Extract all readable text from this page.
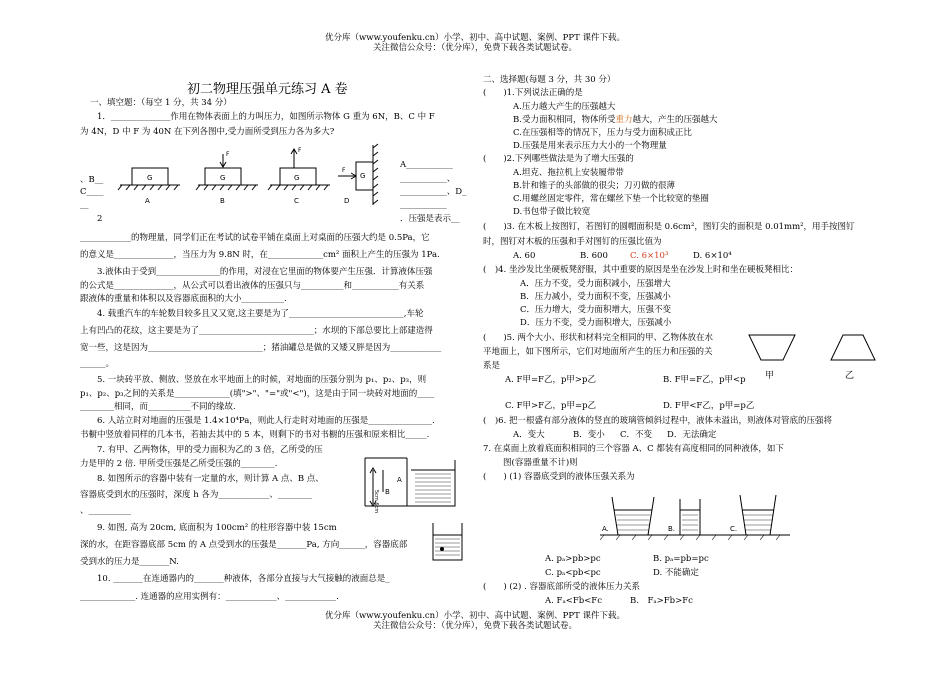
优分库（www.youfenku.cn）小学、初中、高中试题、案例、PPT 课件下载。
关注微信公众号：（优分库），免费下载各类试题试卷。
初二物理压强单元练习 A 卷
一、填空题：（每空 1 分，共 34 分）
1．______________作用在物体表面上的力叫压力，如图所示物体 G 重为 6N，B、C 中 F
为 4N，D 中 F 为 40N 在下列各图中,受力面所受到压力各为多大?
G	G	G	G
F
F
F
A	B	C	D
A___________
___________、
___________、D_
___________
、B__
C____
__
2	．压强是表示__
____________的物理量，同学们正在考试的试卷平铺在桌面上对桌面的压强大约是 0.5Pa，它
的意义是______________，当压力为 9.8N 时，在_____________cm² 面积上产生的压强为 1Pa.
3.液体由于受到_______________的作用，对浸在它里面的物体要产生压强．计算液体压强
的公式是______________，从公式可以看出液体的压强只与__________和___________有关系
跟液体的重量和体积以及容器底面积的大小__________.
4. 载重汽车的车轮数目较多且又又宽,这主要是为了___________________________,车轮
上有凹凸的花纹，这主要是为了___________________________；水坝的下部总要比上部建造得
宽一些，这是因为___________________________；猪油罐总是做的又矮又胖是因为____________
______。
5. 一块砖平放、侧放、竖放在水平地面上的时候，对地面的压强分别为 p₁、p₂、p₃，则
p₁、p₂、p₃之间的关系是_____________(填">"、"="或"<")，这是由于同一块砖对地面的____
________相同，而__________不同的缘故.
6. 人站立时对地面的压强是 1.4×10⁴Pa，则此人行走时对地面的压强是_______________.
书橱中竖放着同样的几本书，若抽去其中的 5 本，则剩下的书对书橱的压强和原来相比_____.
7. 有甲、乙两物体，甲的受力面积为乙的 3 倍，乙所受的压
力是甲的 2 倍. 甲所受压强是乙所受压强的________.
8. 如图所示的容器中装有一定量的水，则计算 A 点、B 点、
容器底受到水的压强时，深度 h 各为____________、________
、__________
A
B
5cm 6cm
9. 如图, 高为 20cm, 底面积为 100cm² 的柱形容器中装 15cm
深的水，在距容器底部 5cm 的 A 点受到水的压强是_______Pa, 方向______，容器底部
受到水的压力是_______N.
10. _______在连通器内的_______种液体，各部分直接与大气接触的液面总是_
_____________. 连通器的应用实例有：____________、____________.
二、选择题(每题 3 分，共 30 分）
(　　)1.下列说法正确的是
A.压力越大产生的压强越大
B.受力面积相同，物体所受重力越大，产生的压强越大
C.在压强相等的情况下，压力与受力面积成正比
D.压强是用来表示压力大小的一个物理量
(　　)2.下列哪些做法是为了增大压强的
A.坦克、拖拉机上安装履带带
B.针和锥子的头部做的很尖；刀刃做的很薄
C.用螺丝固定零件，常在螺丝下垫一个比较宽的垫圈
D.书包带子做比较宽
(　　)3. 在木板上按图钉，若图钉的圆帽面积是 0.6cm²，图钉尖的面积是 0.01mm²，用手按图钉
时，图钉对木板的压强和手对图钉的压强比值为
A. 60	B. 600	C. 6×10³	D. 6×10⁴
(　)4. 坐沙发比坐硬板凳舒服，其中重要的原因是坐在沙发上时和坐在硬板凳相比：
A．压力不变，受力面积减小，压强增大
B．压力减小，受力面积不变，压强减小
C．压力增大，受力面积增大，压强不变
D．压力不变，受力面积增大，压强减小
(　　)5. 两个大小、形状和材料完全相同的甲、乙物体放在水
平地面上，如下图所示，它们对地面所产生的压力和压强的关
系是
甲	乙
A. F甲=F乙，p甲>p乙	B. F甲=F乙，p甲<p
C. F甲>F乙，p甲=p乙	D. F甲<F乙，p甲=p乙
(　)6. 把一根盛有部分液体的竖直的玻璃管倾斜过程中，液体未溢出，则液体对管底的压强将
A．变大	B．变小 C．不变 D．无法确定
7. 在桌面上放着底面积相同的三个容器 A、C 都装有高度相同的同种液体，如下
图(容器重量不计)则
(　　) (1) 容器底受到的液体压强关系为
A.	B.	C.
A. pₐ>pb>pc	B. pₐ=pb=pc
C. pₐ<pb<pc	D. 不能确定
(　　) (2) . 容器底部所受的液体压力关系
A. Fₐ<Fb<Fc	B.　Fₐ>Fb>Fc
优分库（www.youfenku.cn）小学、初中、高中试题、案例、PPT 课件下载。
关注微信公众号：（优分库），免费下载各类试题试卷。
